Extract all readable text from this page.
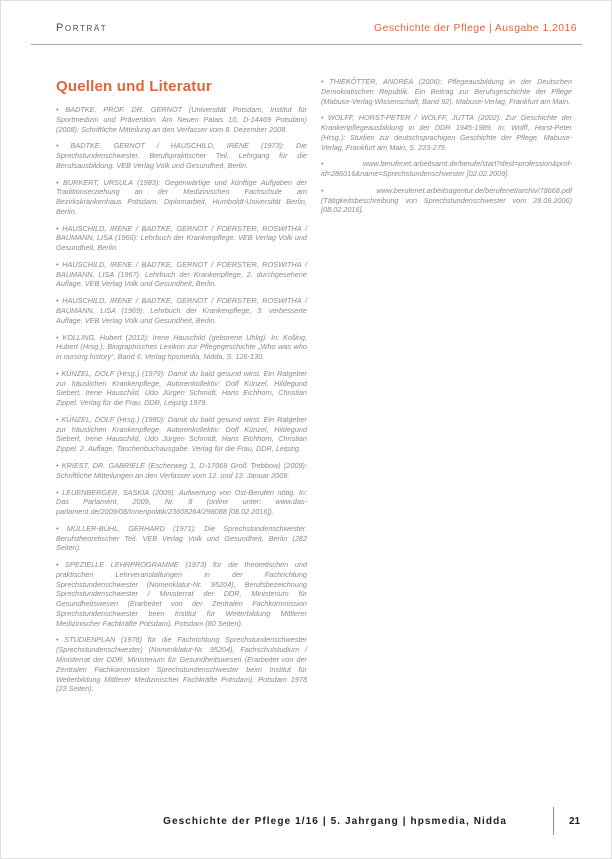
Porträt	Geschichte der Pflege | Ausgabe 1.2016
Quellen und Literatur

• BADTKE, PROF. DR. GERNOT (Universität Potsdam, Institut für Sportmedizin und Prävention. Am Neuen Palais 10, D-14469 Potsdam) (2008): Schriftliche Mitteilung an den Verfasser vom 8. Dezember 2008.

• BADTKE, GERNOT / HAUSCHILD, IRENE (1973): Die Sprechstundenschwester. Berufspraktischer Teil. Lehrgang für die Berufsausbildung. VEB Verlag Volk und Gesundheit, Berlin.

• BURKERT, URSULA (1983): Gegenwärtige und künftige Aufgaben der Traditionserziehung an der Medizinischen Fachschule am Bezirkskrankenhaus Potsdam. Diplomarbeit, Humboldt-Universität Berlin, Berlin.

• HAUSCHILD, IRENE / BADTKE, GERNOT / FOERSTER, ROSWITHA / BAUMANN, LISA (1966): Lehrbuch der Krankenpflege. VEB Verlag Volk und Gesundheit, Berlin.

• HAUSCHILD, IRENE / BADTKE, GERNOT / FOERSTER, ROSWITHA / BAUMANN, LISA (1967): Lehrbuch der Krankenpflege, 2. durchgesehene Auflage. VEB Verlag Volk und Gesundheit, Berlin.

• HAUSCHILD, IRENE / BADTKE, GERNOT / FOERSTER, ROSWITHA / BAUMANN, LISA (1969): Lehrbuch der Krankenpflege, 3. verbesserte Auflage. VEB Verlag Volk und Gesundheit, Berlin.

• KOLLING, Hubert (2012): Irene Hauschild (geborene Uhlig). In: Kolling, Hubert (Hrsg.): Biographisches Lexikon zur Pflegegeschichte „Who was who in nursing history“, Band 6. Verlag hpsmedia, Nidda, S. 126-130.

• KÜNZEL, DOLF (Hrsg.) (1979): Damit du bald gesund wirst. Ein Ratgeber zur häuslichen Krankenpflege, Autorenkollektiv: Dolf Künzel, Hildegund Siebert, Irene Hauschild, Udo Jürgen Schmidt, Hans Eichhorn, Christian Zippel. Verlag für die Frau, DDR, Leipzig 1979.

• KÜNZEL, DOLF (Hrsg.) (1980): Damit du bald gesund wirst. Ein Ratgeber zur häuslichen Krankenpflege, Autorenkollektiv: Dolf Künzel, Hildegund Siebert, Irene Hauschild, Udo Jürgen Schmidt, Hans Eichhorn, Christian Zippel. 2. Auflage, Taschenbuchausgabe. Verlag für die Frau, DDR, Leipzig.

• KRIEST, DR. GABRIELE (Escherweg 1, D-17069 Groß Trebbow) (2009): Schriftliche Mitteilungen an den Verfasser vom 12. und 13. Januar 2009.

• LEUENBERGER, SASKIA (2009): Aufwertung von Ost-Berufen nötig. In: Das Parlament, 2009, Nr. 8 (online unter: www.das-parlament.de/2009/08/Innenpolitik/23608264/298088 [08.02.2016]).

• MÜLLER-BÜHL, GERHARD (1971): Die Sprechstundenschwester. Berufstheoretischer Teil. VEB Verlag Volk und Gesundheit, Berlin (282 Seiten).

• SPEZIELLE LEHRPROGRAMME (1973) für die theoretischen und praktischen Lehrveranstaltungen in der Fachrichtung Sprechstundenschwester (Nomenklatur-Nr. 95204), Berufsbezeichnung Sprechstundenschwester / Ministerrat der DDR, Ministerium für Gesundheitswesen (Erarbeitet von der Zentralen Fachkommission Sprechstundenschwester beim Institut für Weiterbildung Mittlerer Medizinischer Fachkräfte Potsdam). Potsdam (80 Seiten).

• STUDIENPLAN (1978) für die Fachrichtung Sprechstundenschwester (Sprechstundenschwester) (Nomenklatur-Nr. 95204), Fachschulstudium / Ministerrat der DDR, Ministerium für Gesundheitswesen (Erarbeitet von der Zentralen Fachkommission Sprechstundenschwester beim Institut für Weiterbildung Mittlerer Medizinischer Fachkräfte Potsdam). Potsdam 1978 (23 Seiten).

• THIEKÖTTER, ANDREA (2006): Pflegeausbildung in der Deutschen Demokratischen Republik. Ein Beitrag zur Berufsgeschichte der Pflege (Mabuse-Verlag Wissenschaft, Band 92). Mabuse-Verlag, Frankfurt am Main.

• WOLFF, HORST-PETER / WOLFF, JUTTA (2002): Zur Geschichte der Krankenpflegeausbildung in der DDR 1945-1989. In: Wolff, Horst-Peter (Hrsg.): Studien zur deutschsprachigen Geschichte der Pflege. Mabuse-Verlag, Frankfurt am Main, S. 223-275.

• www.berufenet.arbeitsamt.de/berufe/start?dest=profession&prof-id=286016&name=Sprechstundenschwester [02.02.2009].

• www.berufenet.arbeitsagentur.de/berufenet/archiv/78668.pdf (Tätigkeitsbeschreibung von Sprechstundenschwester vom 28.09.2006) [08.02.2016].

Geschichte der Pflege 1/16 | 5. Jahrgang | hpsmedia, Nidda	21
